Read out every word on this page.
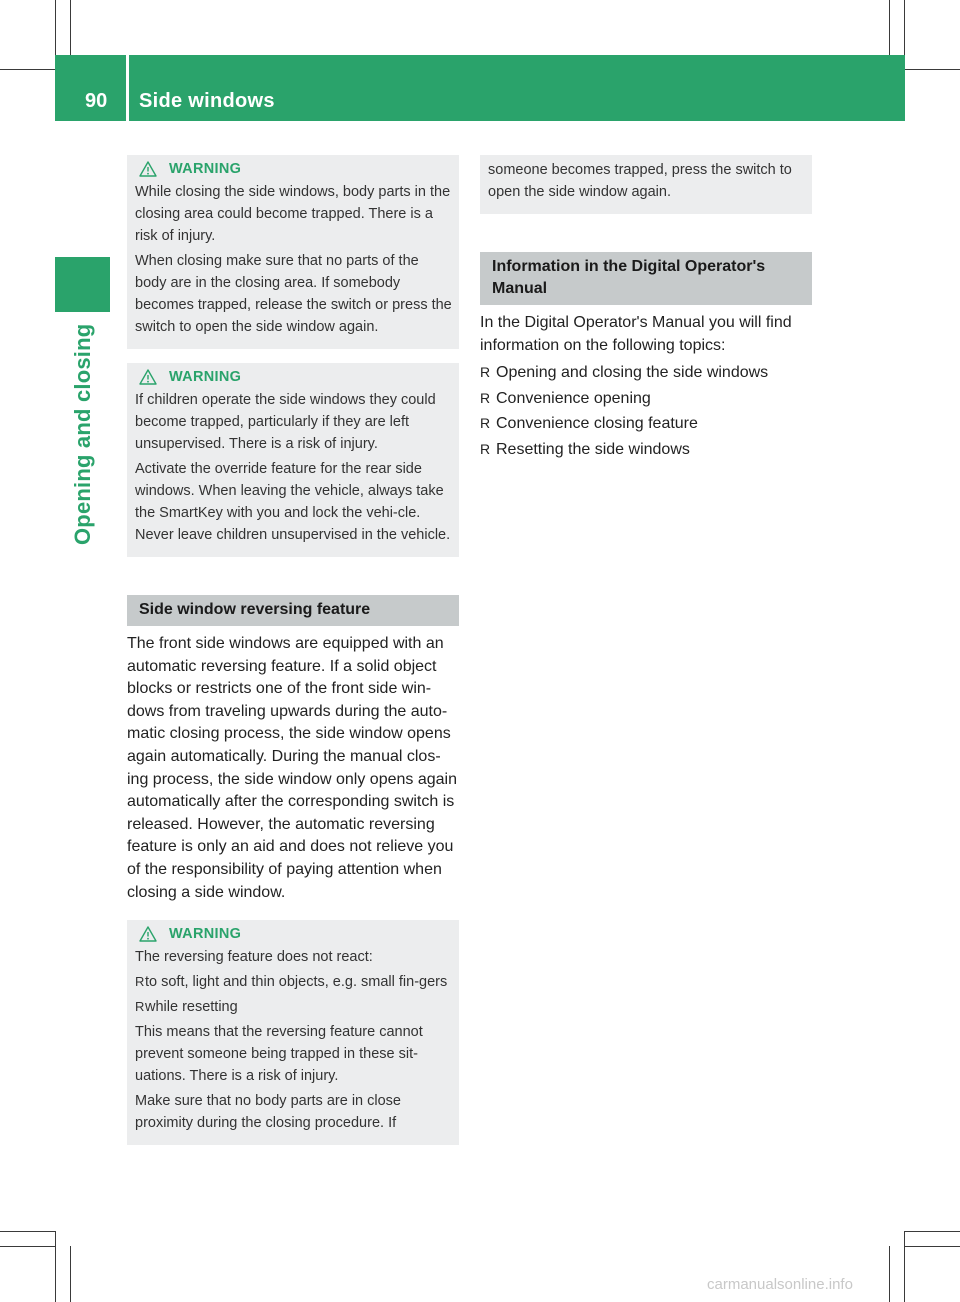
90 Side windows
Opening and closing
WARNING

While closing the side windows, body parts in the closing area could become trapped. There is a risk of injury.

When closing make sure that no parts of the body are in the closing area. If somebody becomes trapped, release the switch or press the switch to open the side window again.

WARNING

If children operate the side windows they could become trapped, particularly if they are left unsupervised. There is a risk of injury.

Activate the override feature for the rear side windows. When leaving the vehicle, always take the SmartKey with you and lock the vehi-cle. Never leave children unsupervised in the vehicle.

Side window reversing feature

The front side windows are equipped with an automatic reversing feature. If a solid object blocks or restricts one of the front side win-dows from traveling upwards during the auto-matic closing process, the side window opens again automatically. During the manual clos-ing process, the side window only opens again automatically after the corresponding switch is released. However, the automatic reversing feature is only an aid and does not relieve you of the responsibility of paying attention when closing a side window.

WARNING

The reversing feature does not react:

R to soft, light and thin objects, e.g. small fin-gers
R while resetting

This means that the reversing feature cannot prevent someone being trapped in these sit-uations. There is a risk of injury.

Make sure that no body parts are in close proximity during the closing procedure. If

someone becomes trapped, press the switch to open the side window again.

Information in the Digital Operator's Manual

In the Digital Operator's Manual you will find information on the following topics:

R Opening and closing the side windows
R Convenience opening
R Convenience closing feature
R Resetting the side windows
carmanualsonline.info
